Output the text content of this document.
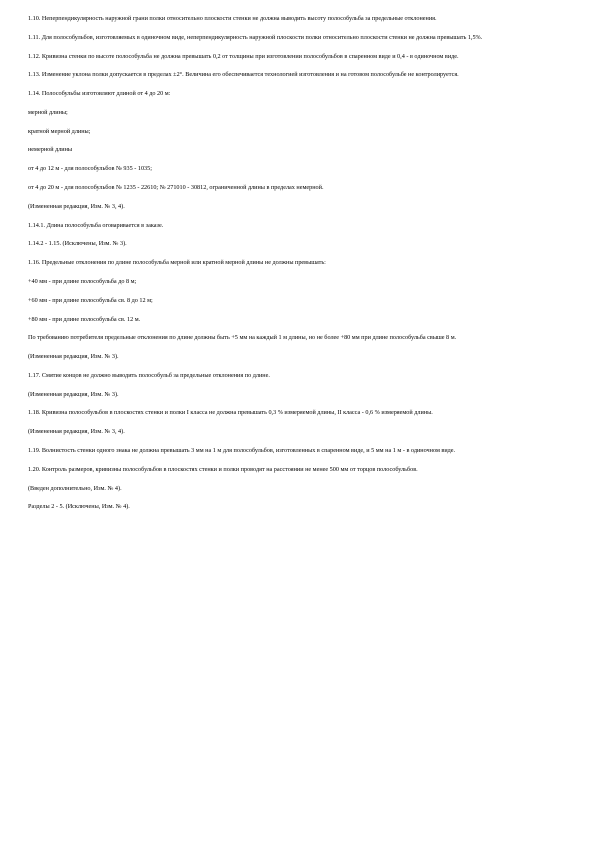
1.10. Неперпендикулярность наружной грани полки относительно плоскости стенки не должна выводить высоту полособульба за предельные отклонения.

1.11. Для полособульбов, изготовляемых в одиночном виде, неперпендикулярность наружной плоскости полки относительно плоскости стенки не должна превышать 1,5%.

1.12. Кривизна стенки по высоте полособульба не должна превышать 0,2 от толщины при изготовлении полособульбов в спаренном виде и 0,4 - в одиночном виде.

1.13. Изменение уклона полки допускается в пределах ±2°. Величина его обеспечивается технологией изготовления и на готовом полособульбе не контролируется.

1.14. Полособульбы изготовляют длиной от 4 до 20 м:

мерной длины;

кратной мерной длины;

немерной длины

от 4 до 12 м - для полособульбов № 935 - 1035;

от 4 до 20 м - для полособульбов № 1235 - 22610; № 271010 - 30812, ограниченной длины в пределах немерной.

(Измененная редакция, Изм. № 3, 4).

1.14.1. Длина полособульба оговаривается в заказе.

1.14.2 - 1.15. (Исключены, Изм. № 3).

1.16. Предельные отклонения по длине полособульба мерной или кратной мерной длины не должны превышать:

+40 мм - при длине полособульба до 8 м;

+60 мм - при длине полособульба св. 8 до 12 м;

+80 мм - при длине полособульба св. 12 м.

По требованию потребителя предельные отклонения по длине должны быть +5 мм на каждый 1 м длины, но не более +80 мм при длине полособульба свыше 8 м.

(Измененная редакция, Изм. № 3).

1.17. Смятие концов не должно выводить полособульб за предельные отклонения по длине.

(Измененная редакция, Изм. № 3).

1.18. Кривизна полособульбов в плоскостях стенки и полки I класса не должна превышать 0,3 % измеряемой длины, II класса - 0,6 % измеряемой длины.

(Измененная редакция, Изм. № 3, 4).

1.19. Волнистость стенки одного знака не должна превышать 3 мм на 1 м для полособульбов, изготовленных в спаренном виде, и 5 мм на 1 м - в одиночном виде.

1.20. Контроль размеров, кривизны полособульбов в плоскостях стенки и полки проводят на расстоянии не менее 500 мм от торцов полособульбов.

(Введен дополнительно, Изм. № 4).

Разделы 2 - 5. (Исключены, Изм. № 4).
